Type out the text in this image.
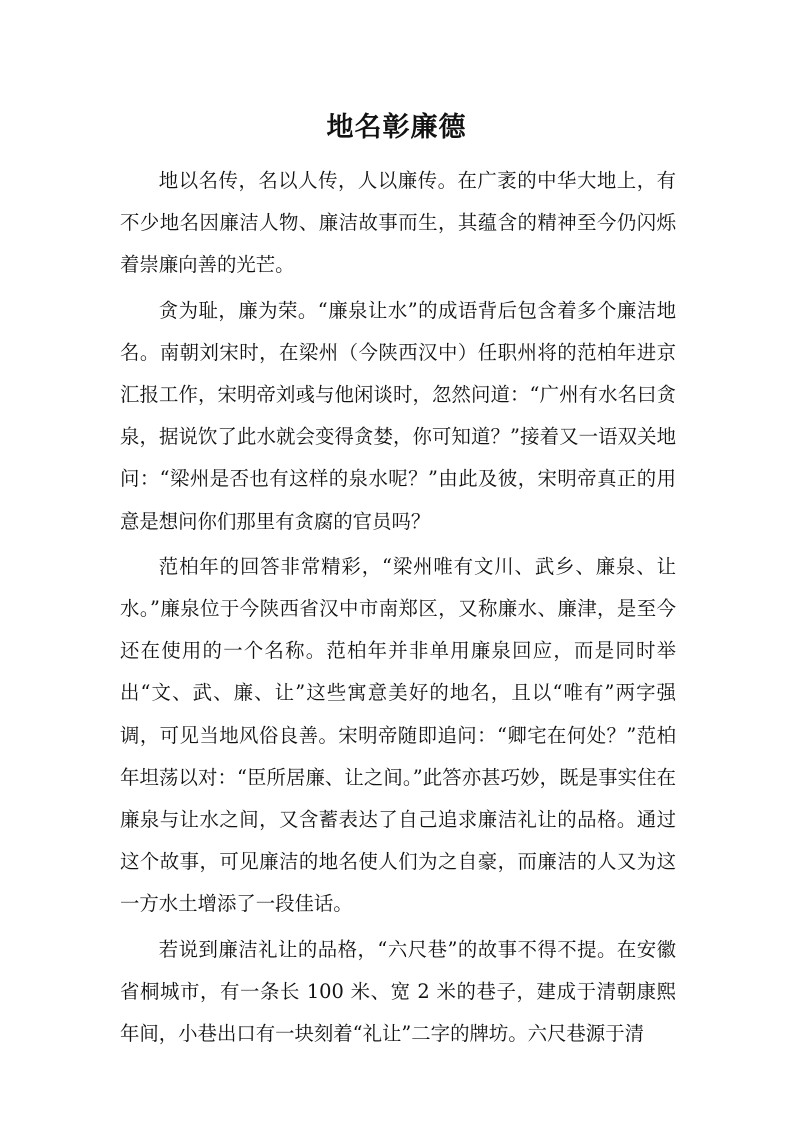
地名彰廉德

地以名传，名以人传，人以廉传。在广袤的中华大地上，有不少地名因廉洁人物、廉洁故事而生，其蕴含的精神至今仍闪烁着崇廉向善的光芒。

贪为耻，廉为荣。“廉泉让水”的成语背后包含着多个廉洁地名。南朝刘宋时，在梁州（今陕西汉中）任职州将的范柏年进京汇报工作，宋明帝刘彧与他闲谈时，忽然问道：“广州有水名曰贪泉，据说饮了此水就会变得贪婪，你可知道？”接着又一语双关地问：“梁州是否也有这样的泉水呢？”由此及彼，宋明帝真正的用意是想问你们那里有贪腐的官员吗？

范柏年的回答非常精彩，“梁州唯有文川、武乡、廉泉、让水。”廉泉位于今陕西省汉中市南郑区，又称廉水、廉津，是至今还在使用的一个名称。范柏年并非单用廉泉回应，而是同时举出“文、武、廉、让”这些寓意美好的地名，且以“唯有”两字强调，可见当地风俗良善。宋明帝随即追问：“卿宅在何处？”范柏年坦荡以对：“臣所居廉、让之间。”此答亦甚巧妙，既是事实住在廉泉与让水之间，又含蓄表达了自己追求廉洁礼让的品格。通过这个故事，可见廉洁的地名使人们为之自豪，而廉洁的人又为这一方水土增添了一段佳话。

若说到廉洁礼让的品格，“六尺巷”的故事不得不提。在安徽省桐城市，有一条长 100 米、宽 2 米的巷子，建成于清朝康熙年间，小巷出口有一块刻着“礼让”二字的牌坊。六尺巷源于清
